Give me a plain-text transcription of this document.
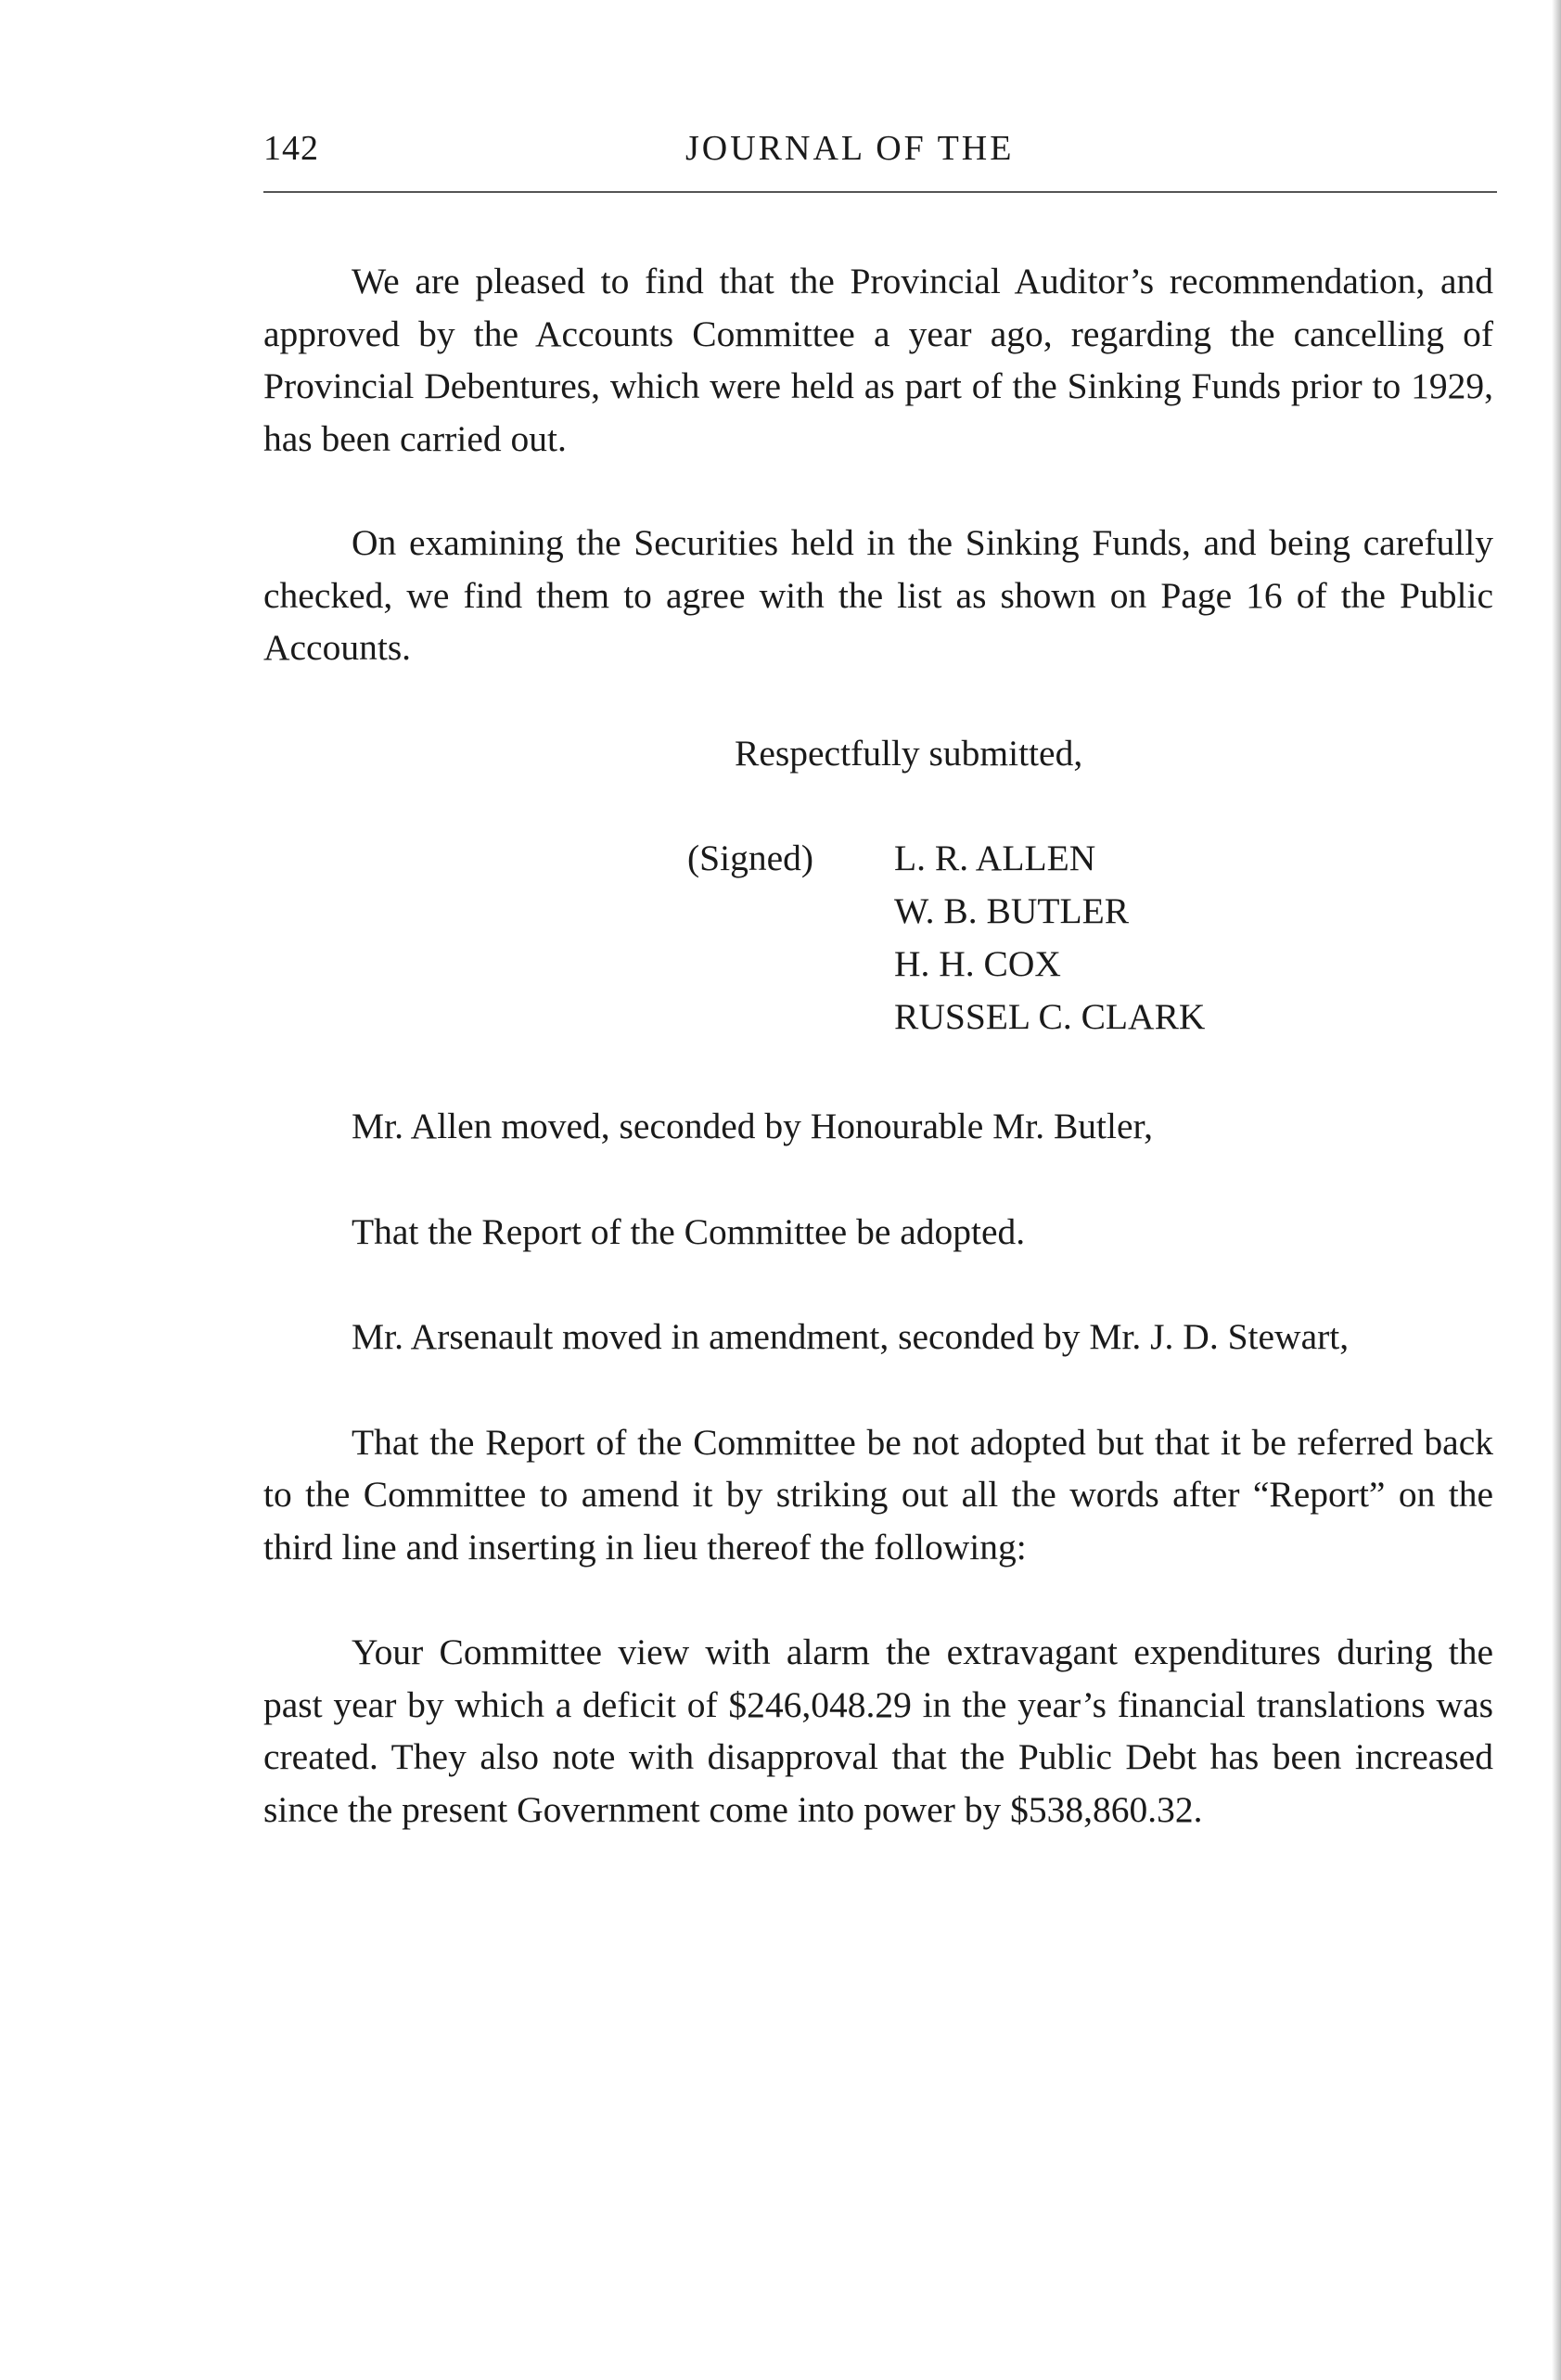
142	JOURNAL OF THE

We are pleased to find that the Provincial Auditor’s recommendation, and approved by the Accounts Committee a year ago, regarding the cancelling of Provincial Debentures, which were held as part of the Sinking Funds prior to 1929, has been carried out.

On examining the Securities held in the Sinking Funds, and being carefully checked, we find them to agree with the list as shown on Page 16 of the Public Accounts.

Respectfully submitted,

(Signed) L. R. ALLEN
W. B. BUTLER
H. H. COX
RUSSEL C. CLARK

Mr. Allen moved, seconded by Honourable Mr. Butler,

That the Report of the Committee be adopted.

Mr. Arsenault moved in amendment, seconded by Mr. J. D. Stewart,

That the Report of the Committee be not adopted but that it be referred back to the Committee to amend it by striking out all the words after “Report” on the third line and inserting in lieu thereof the following:

Your Committee view with alarm the extravagant expenditures during the past year by which a deficit of $246,048.29 in the year’s financial translations was created. They also note with disapproval that the Public Debt has been increased since the present Government come into power by $538,860.32.
